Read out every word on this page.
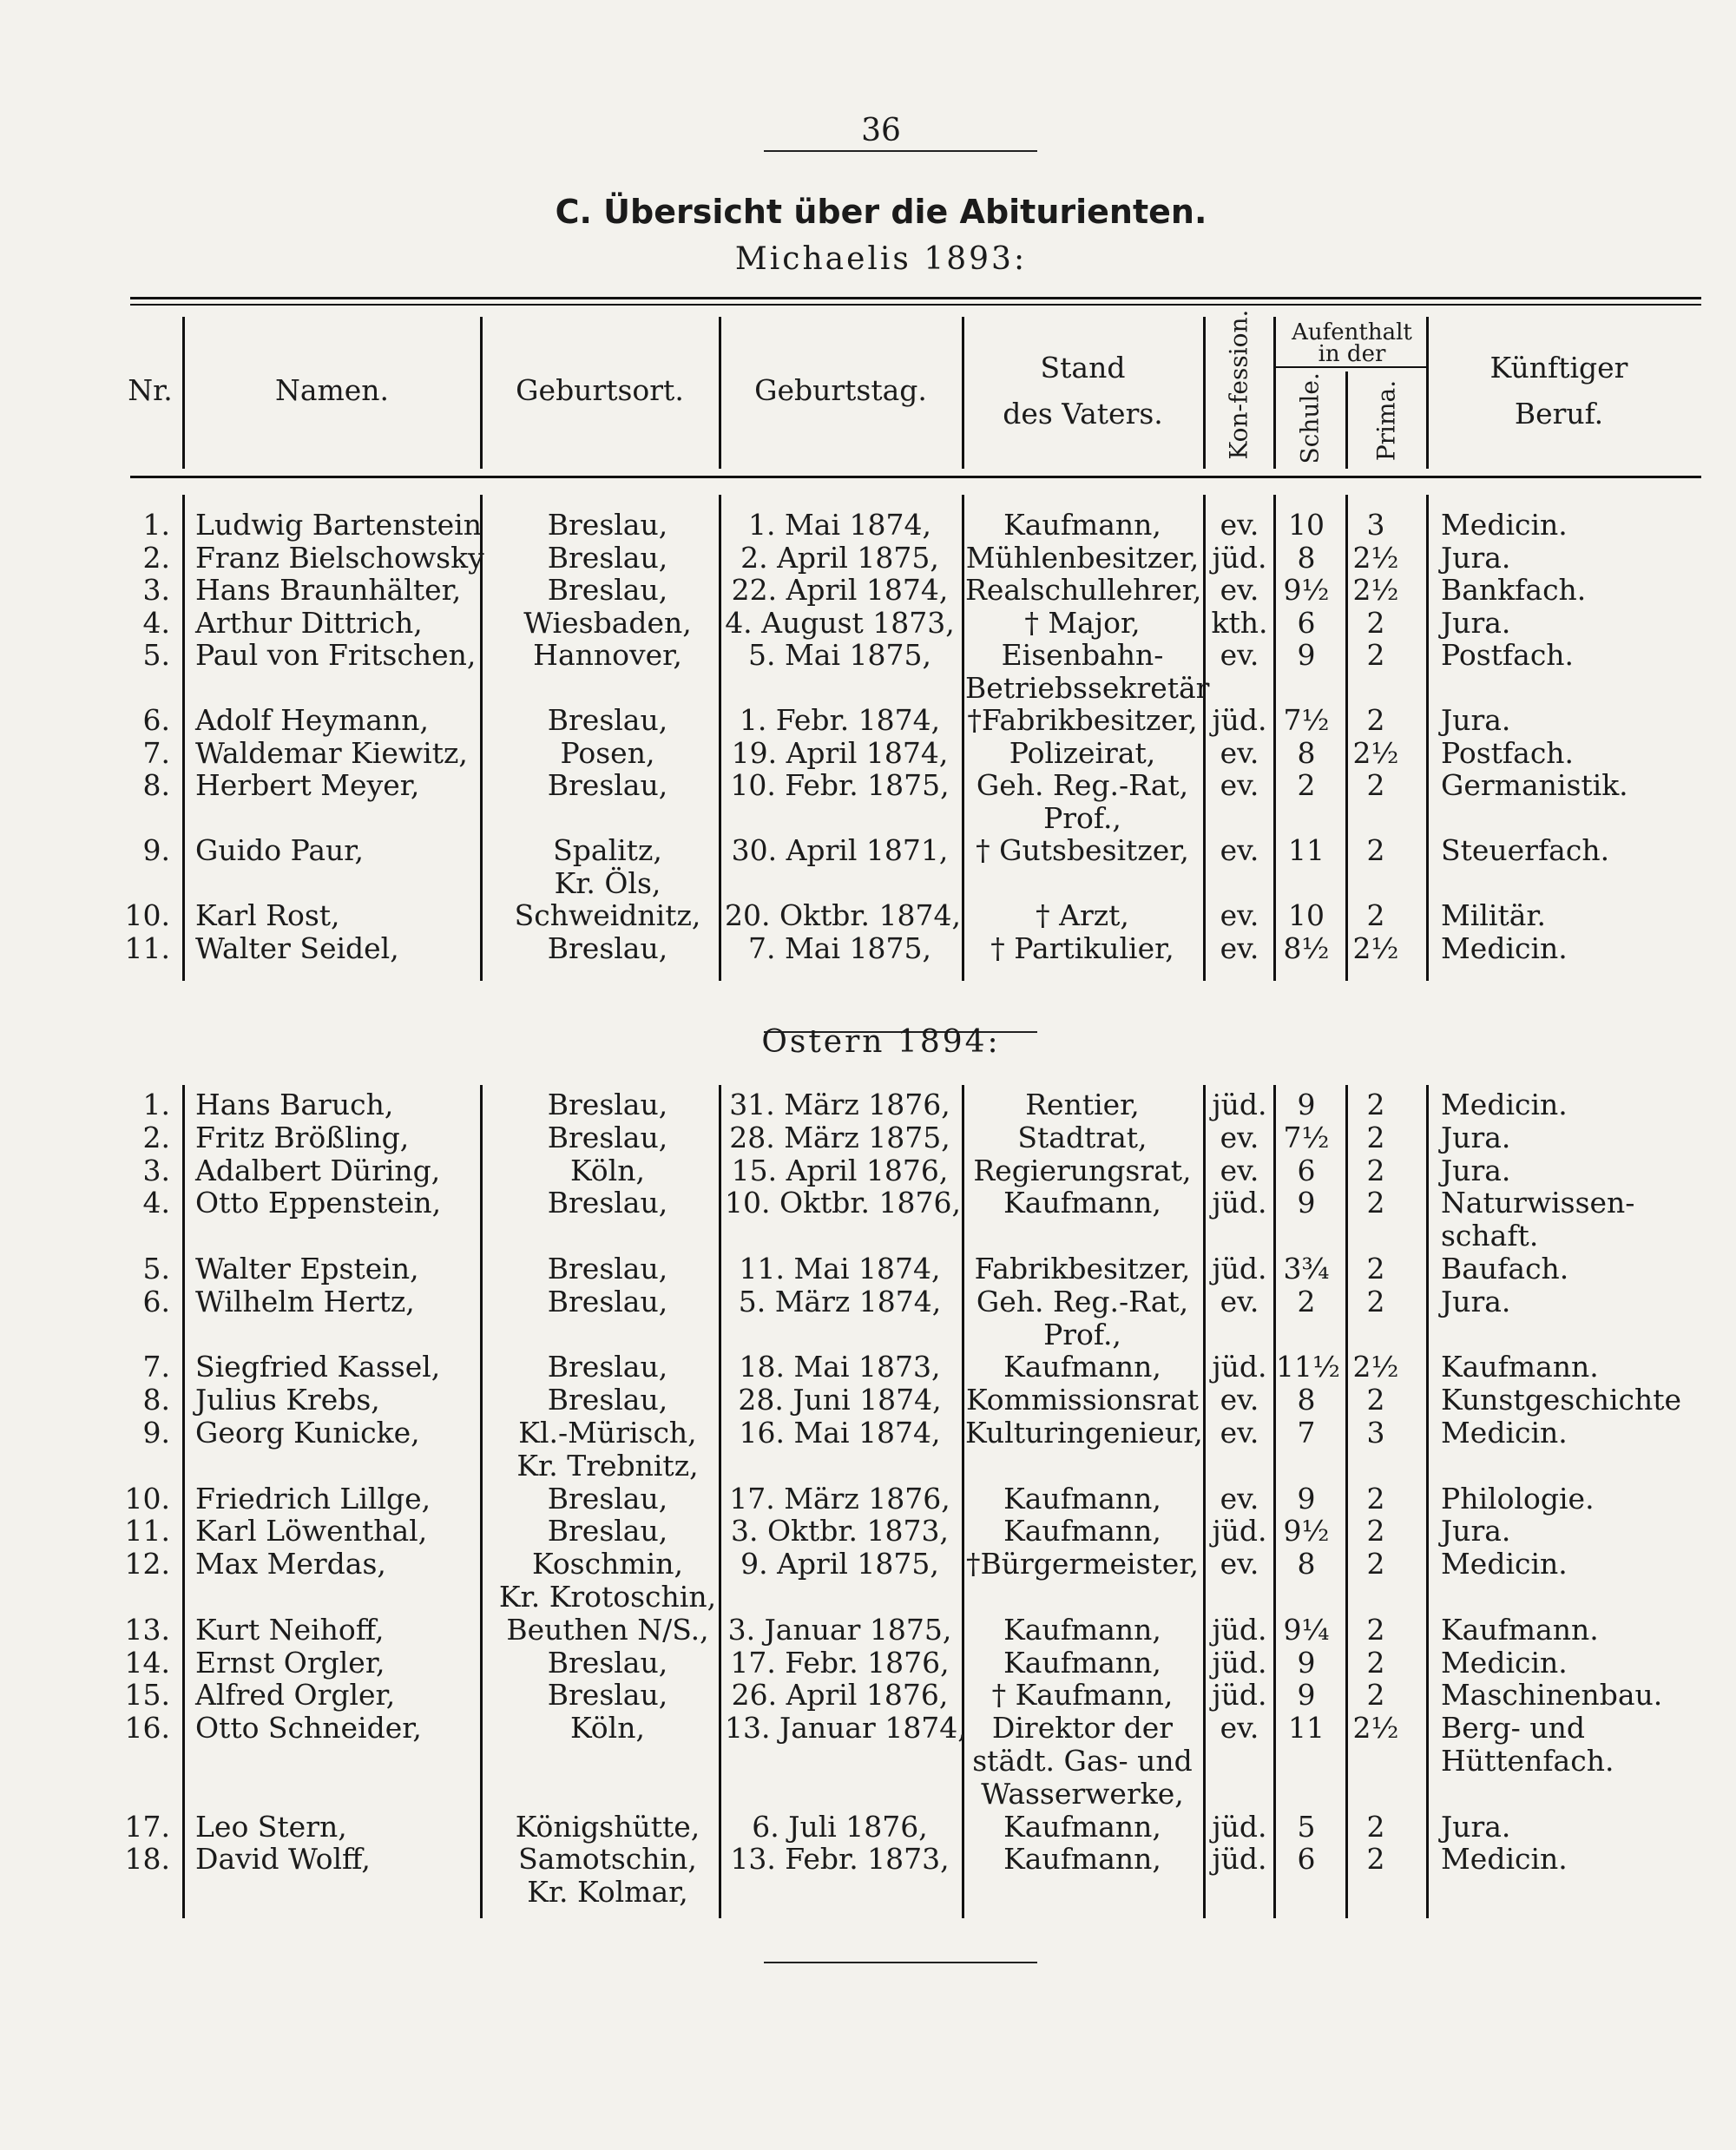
36
C. Übersicht über die Abiturienten.
Michaelis 1893:
Nr.	Namen.	Geburtsort.	Geburtstag.
Stand
des Vaters.	Kon-fession.	Aufenthalt
in der
Schule. Prima.
Künftiger
Beruf.
1. Ludwig Bartenstein	Breslau,	1. Mai 1874,	Kaufmann,	ev.	10	3	Medicin.
2. Franz Bielschowsky	Breslau,	2. April 1875, Mühlenbesitzer, jüd.	8	2½ Jura.
3. Hans Braunhälter,	Breslau,	22. April 1874, Realschullehrer, ev. 9½ 2½ Bankfach.
4. Arthur Dittrich,	Wiesbaden,	4. August 1873,	† Major,	kth.	6	2	Jura.
5. Paul von Fritschen,	Hannover,	5. Mai 1875,	Eisenbahn-	ev.	9	2	Postfach.
Betriebssekretär
6. Adolf Heymann,	Breslau,	1. Febr. 1874, †Fabrikbesitzer, jüd. 7½	2	Jura.
7. Waldemar Kiewitz,	Posen,	19. April 1874,	Polizeirat,	ev.	8	2½ Postfach.
8. Herbert Meyer,	Breslau,	10. Febr. 1875, Geh. Reg.-Rat,	ev.	2	2	Germanistik.
Prof.,
9. Guido Paur,	Spalitz,	30. April 1871, † Gutsbesitzer,	ev.	11	2	Steuerfach.
Kr. Öls,
10. Karl Rost,	Schweidnitz, 20. Oktbr. 1874,	† Arzt,	ev.	10	2	Militär.
11. Walter Seidel,	Breslau,	7. Mai 1875,	† Partikulier,	ev. 8½ 2½ Medicin.
Ostern 1894:
1. Hans Baruch,	Breslau,	31. März 1876,	Rentier,	jüd.	9	2	Medicin.
2. Fritz Brößling,	Breslau,	28. März 1875,	Stadtrat,	ev. 7½	2	Jura.
3. Adalbert Düring,	Köln,	15. April 1876, Regierungsrat,	ev.	6	2	Jura.
4. Otto Eppenstein,	Breslau,	10. Oktbr. 1876,	Kaufmann,	jüd.	9	2	Naturwissen-
schaft.
5. Walter Epstein,	Breslau,	11. Mai 1874,	Fabrikbesitzer, jüd. 3¾	2	Baufach.
6. Wilhelm Hertz,	Breslau,	5. März 1874,	Geh. Reg.-Rat,	ev.	2	2	Jura.
Prof.,
7. Siegfried Kassel,	Breslau,	18. Mai 1873,	Kaufmann,	jüd. 11½ 2½ Kaufmann.
8. Julius Krebs,	Breslau,	28. Juni 1874, Kommissionsrat ev.	8	2	Kunstgeschichte
9. Georg Kunicke,	Kl.-Mürisch,	16. Mai 1874, Kulturingenieur, ev.	7	3	Medicin.
Kr. Trebnitz,
10. Friedrich Lillge,	Breslau,	17. März 1876,	Kaufmann,	ev.	9	2	Philologie.
11. Karl Löwenthal,	Breslau,	3. Oktbr. 1873,	Kaufmann,	jüd. 9½	2	Jura.
12. Max Merdas,	Koschmin,	9. April 1875, †Bürgermeister, ev.	8	2	Medicin.
Kr. Krotoschin,
13. Kurt Neihoff,	Beuthen N/S., 3. Januar 1875,	Kaufmann,	jüd. 9¼	2	Kaufmann.
14. Ernst Orgler,	Breslau,	17. Febr. 1876,	Kaufmann,	jüd.	9	2	Medicin.
15. Alfred Orgler,	Breslau,	26. April 1876,	† Kaufmann,	jüd.	9	2	Maschinenbau.
16. Otto Schneider,	Köln,	13. Januar 1874, Direktor der	ev.	11 2½ Berg- und
städt. Gas- und	Hüttenfach.
Wasserwerke,
17. Leo Stern,	Königshütte,	6. Juli 1876,	Kaufmann,	jüd.	5	2	Jura.
18. David Wolff,	Samotschin,	13. Febr. 1873,	Kaufmann,	jüd.	6	2	Medicin.
Kr. Kolmar,
